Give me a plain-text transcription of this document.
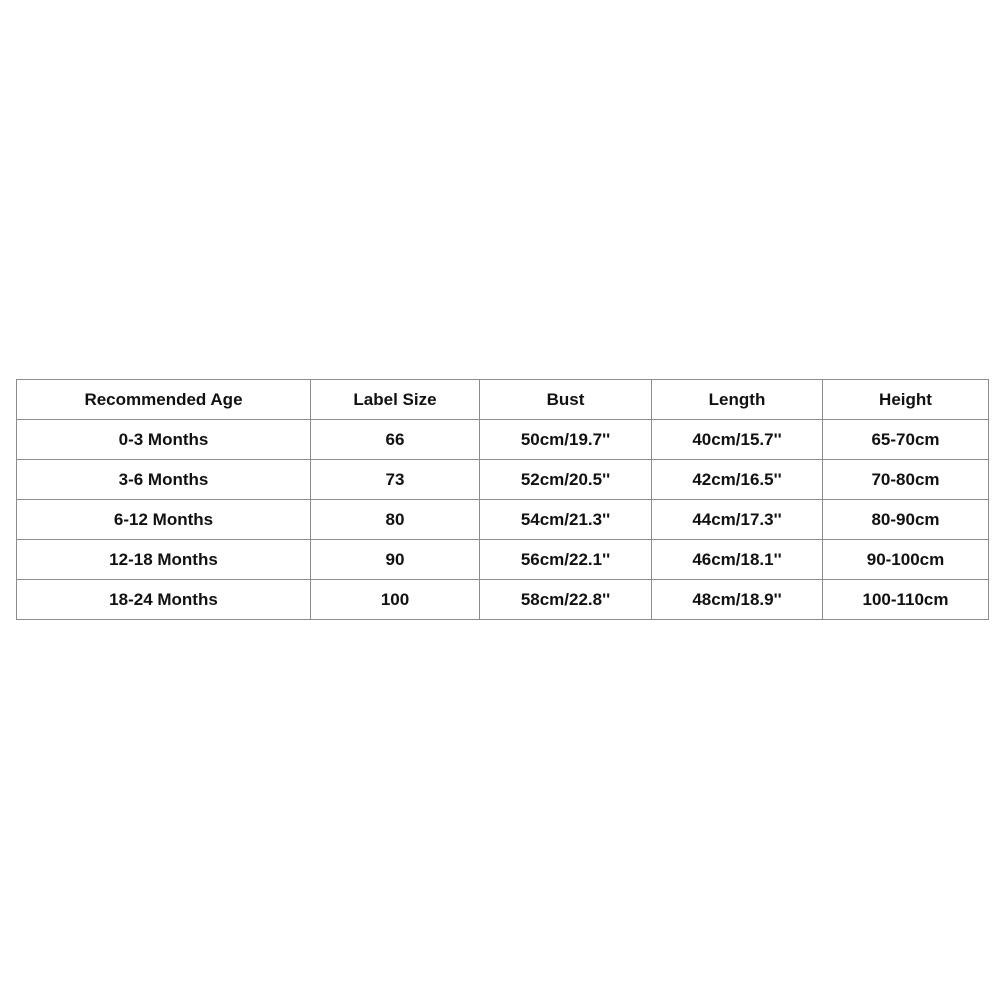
Recommended Age	Label Size	Bust	Length	Height
0-3 Months	66	50cm/19.7''	40cm/15.7''	65-70cm
3-6 Months	73	52cm/20.5''	42cm/16.5''	70-80cm
6-12 Months	80	54cm/21.3''	44cm/17.3''	80-90cm
12-18 Months	90	56cm/22.1''	46cm/18.1''	90-100cm
18-24 Months	100	58cm/22.8''	48cm/18.9''	100-110cm
